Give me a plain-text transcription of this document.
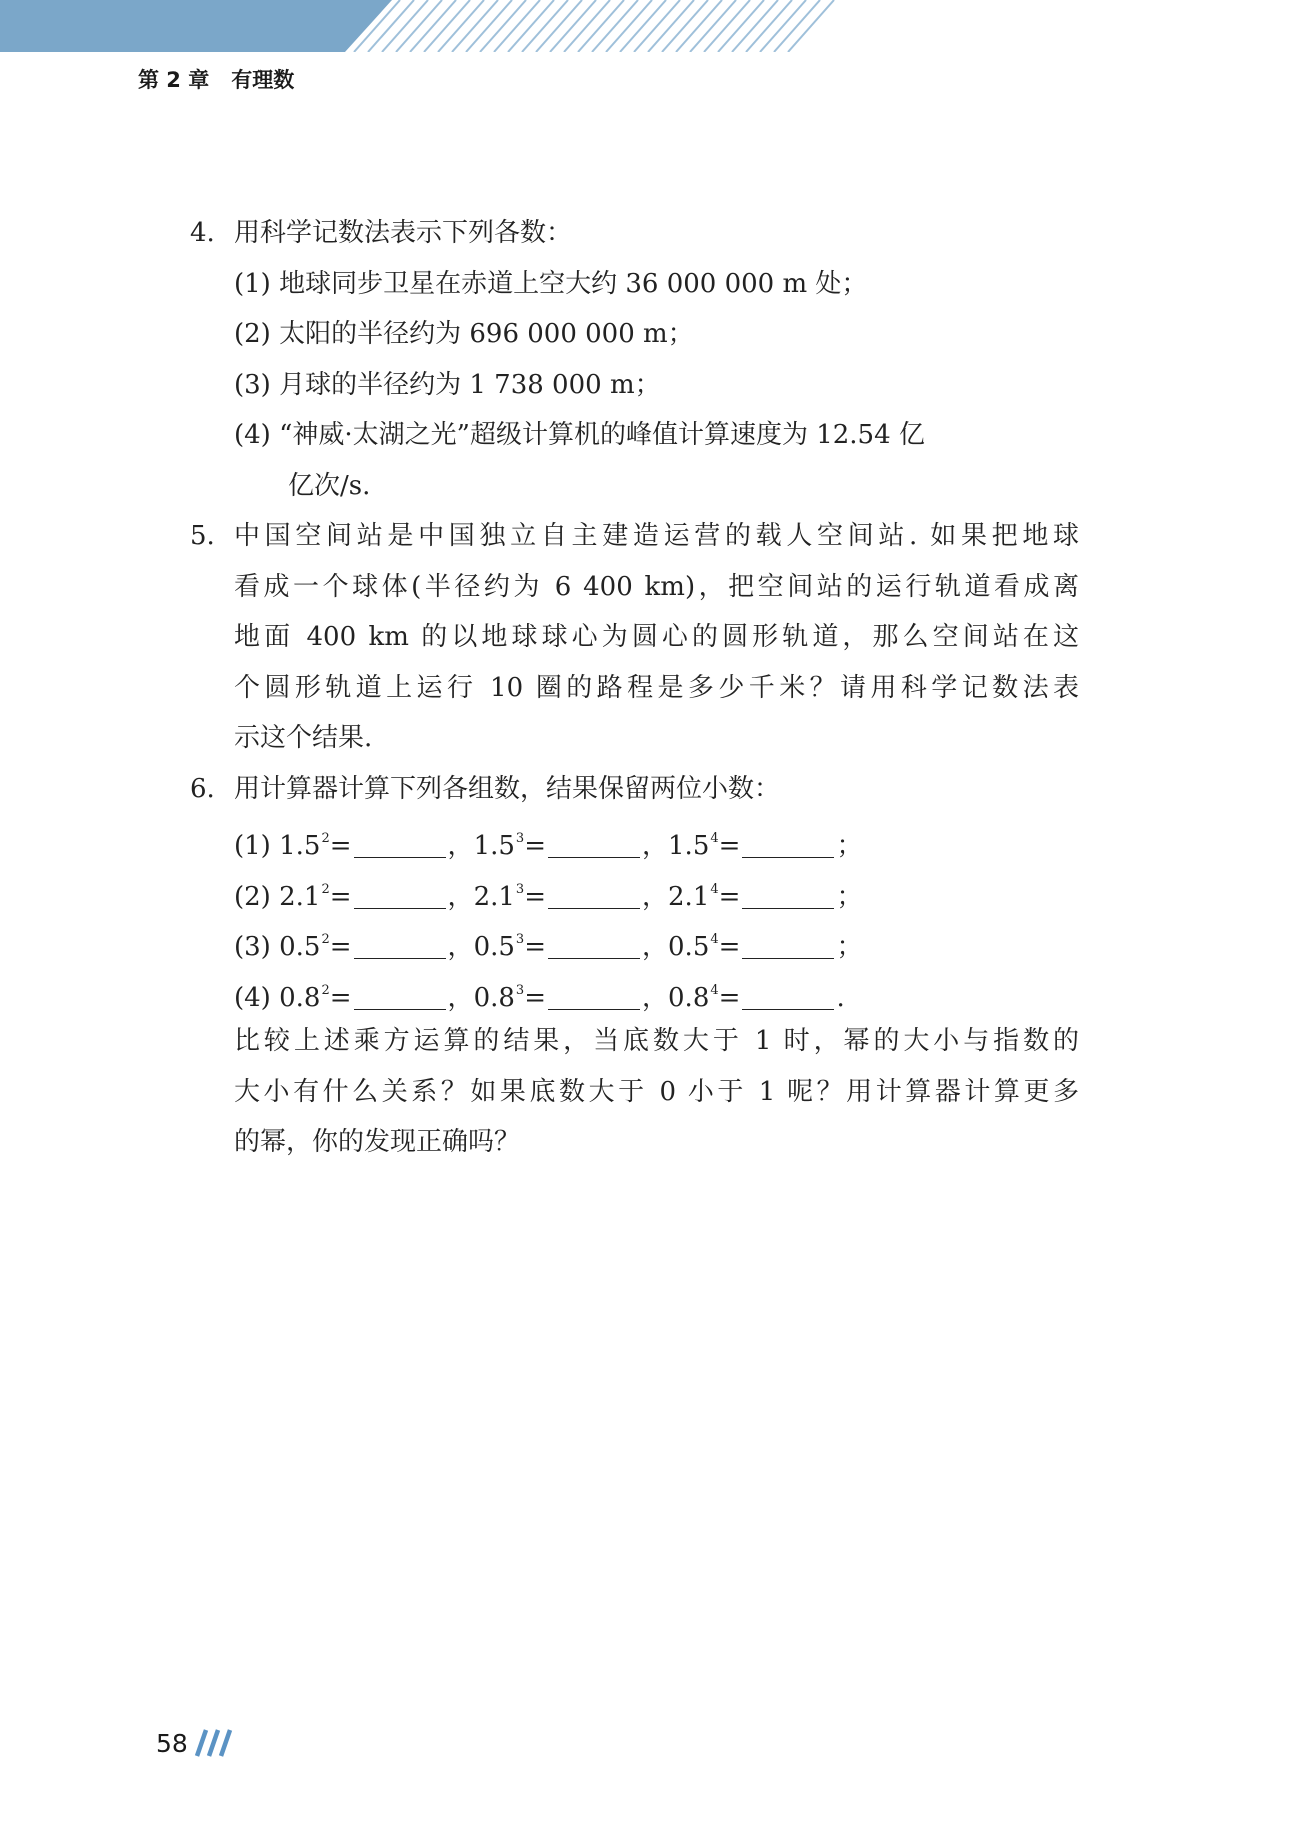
第 2 章 有理数
4. 用科学记数法表示下列各数：
(1) 地球同步卫星在赤道上空大约 36 000 000 m 处；
(2) 太阳的半径约为 696 000 000 m；
(3) 月球的半径约为 1 738 000 m；
(4) “神威·太湖之光”超级计算机的峰值计算速度为 12.54 亿
亿次/s.
5. 中国空间站是中国独立自主建造运营的载人空间站. 如果把地球
看成一个球体(半径约为 6 400 km)，把空间站的运行轨道看成离
地面 400 km 的以地球球心为圆心的圆形轨道，那么空间站在这
个圆形轨道上运行 10 圈的路程是多少千米？请用科学记数法表
示这个结果.
6. 用计算器计算下列各组数，结果保留两位小数：
(1) $1.5^2=$	，$1.5^3=$	，$1.5^4=$	；
(2) $2.1^2=$	，$2.1^3=$	，$2.1^4=$	；
(3) $0.5^2=$	，$0.5^3=$	，$0.5^4=$	；
(4) $0.8^2=$	，$0.8^3=$	，$0.8^4=$	.
比较上述乘方运算的结果，当底数大于 1 时，幂的大小与指数的
大小有什么关系？如果底数大于 0 小于 1 呢？用计算器计算更多
的幂，你的发现正确吗？
58
